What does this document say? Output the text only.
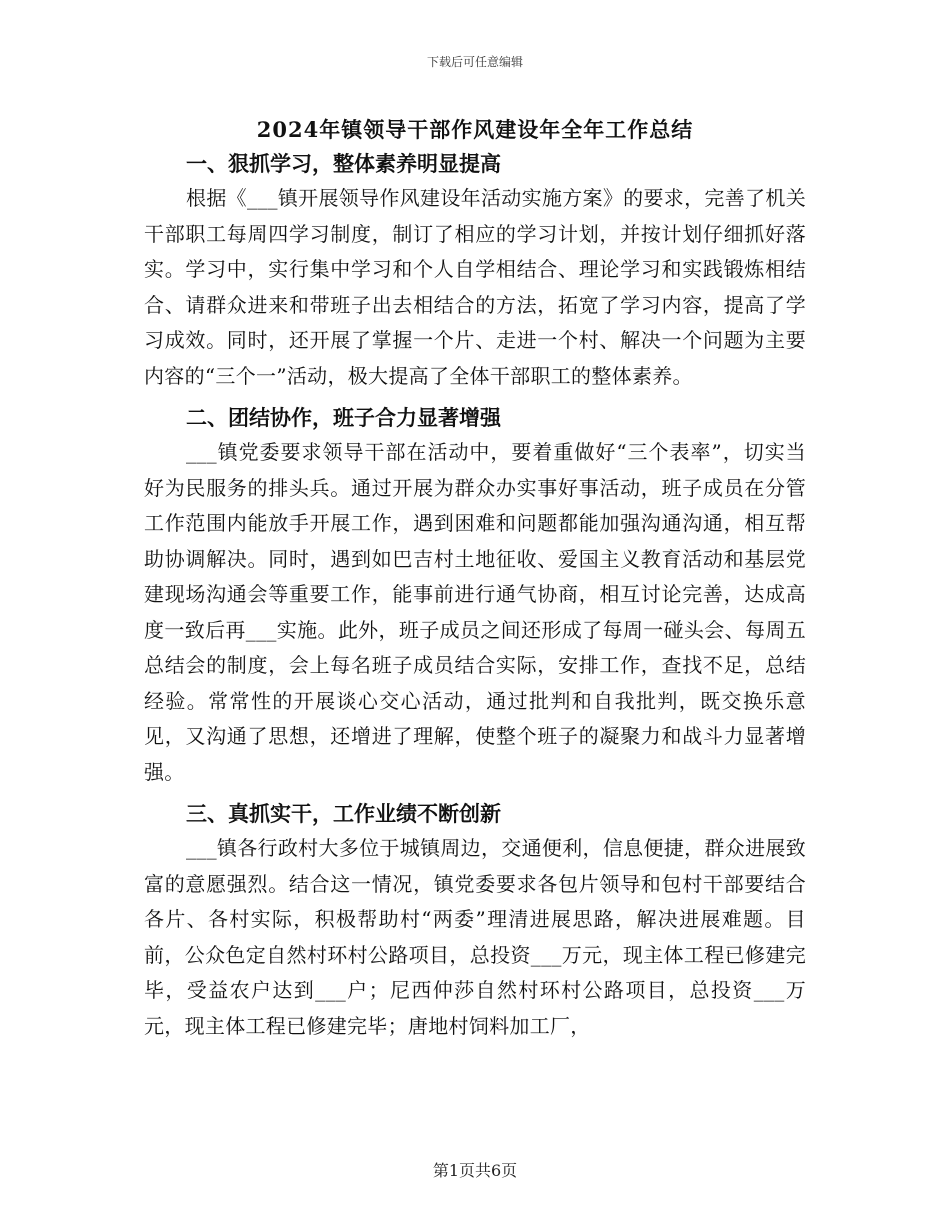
下载后可任意编辑
2024年镇领导干部作风建设年全年工作总结

一、狠抓学习，整体素养明显提高

根据《___镇开展领导作风建设年活动实施方案》的要求，完善了机关干部职工每周四学习制度，制订了相应的学习计划，并按计划仔细抓好落实。学习中，实行集中学习和个人自学相结合、理论学习和实践锻炼相结合、请群众进来和带班子出去相结合的方法，拓宽了学习内容，提高了学习成效。同时，还开展了掌握一个片、走进一个村、解决一个问题为主要内容的“三个一”活动，极大提高了全体干部职工的整体素养。

二、团结协作，班子合力显著增强

___镇党委要求领导干部在活动中，要着重做好“三个表率”，切实当好为民服务的排头兵。通过开展为群众办实事好事活动，班子成员在分管工作范围内能放手开展工作，遇到困难和问题都能加强沟通沟通，相互帮助协调解决。同时，遇到如巴吉村土地征收、爱国主义教育活动和基层党建现场沟通会等重要工作，能事前进行通气协商，相互讨论完善，达成高度一致后再___实施。此外，班子成员之间还形成了每周一碰头会、每周五总结会的制度，会上每名班子成员结合实际，安排工作，查找不足，总结经验。常常性的开展谈心交心活动，通过批判和自我批判，既交换乐意见，又沟通了思想，还增进了理解，使整个班子的凝聚力和战斗力显著增强。

三、真抓实干，工作业绩不断创新

___镇各行政村大多位于城镇周边，交通便利，信息便捷，群众进展致富的意愿强烈。结合这一情况，镇党委要求各包片领导和包村干部要结合各片、各村实际，积极帮助村“两委”理清进展思路，解决进展难题。目前，公众色定自然村环村公路项目，总投资___万元，现主体工程已修建完毕，受益农户达到___户；尼西仲莎自然村环村公路项目，总投资___万元，现主体工程已修建完毕；唐地村饲料加工厂，

第1页共6页
